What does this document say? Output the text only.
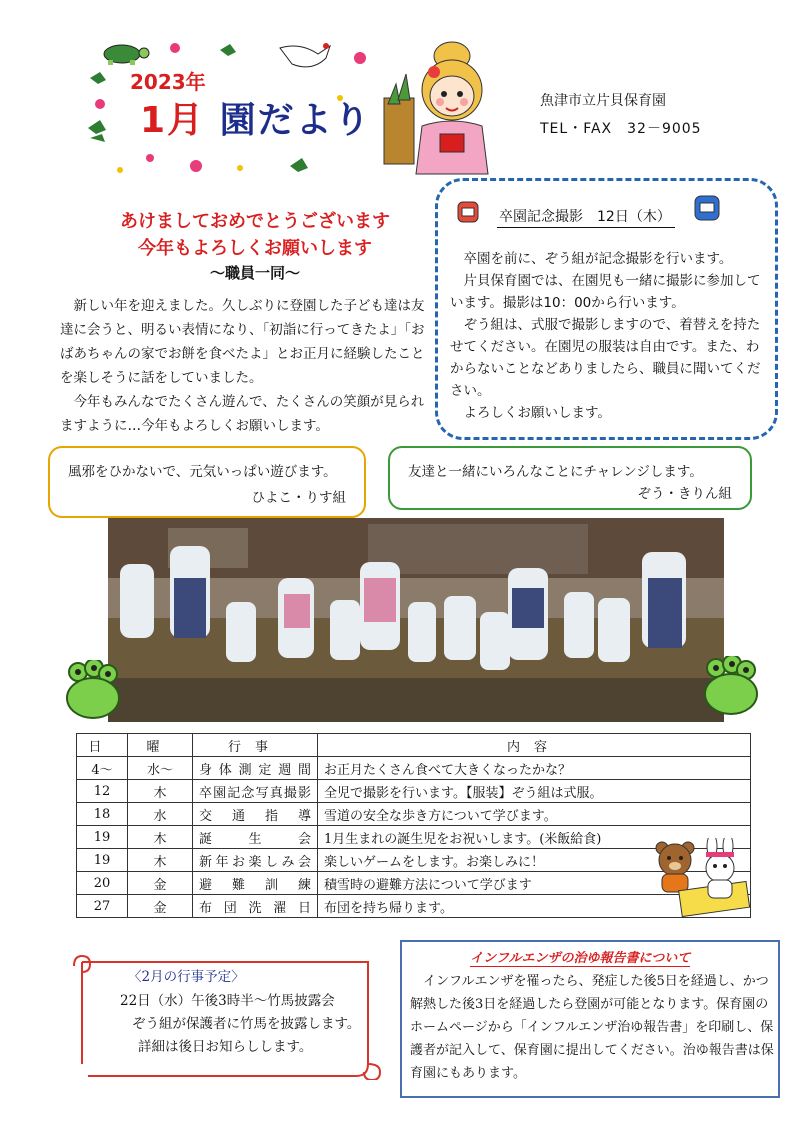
2023年
1月 園だより	魚津市立片貝保育園
TEL・FAX　32－9005
あけましておめでとうございます
今年もよろしくお願いします
～職員一同～

新しい年を迎えました。久しぶりに登園した子ども達は友達に会うと、明るい表情になり、「初詣に行ってきたよ」「おばあちゃんの家でお餅を食べたよ」とお正月に経験したことを楽しそうに話をしていました。

今年もみんなでたくさん遊んで、たくさんの笑顔が見られますように…今年もよろしくお願いします。

卒園記念撮影　12日（木）

卒園を前に、ぞう組が記念撮影を行います。

片貝保育園では、在園児も一緒に撮影に参加しています。撮影は10：00から行います。

ぞう組は、式服で撮影しますので、着替えを持たせてください。在園児の服装は自由です。また、わからないことなどありましたら、職員に聞いてください。

よろしくお願いします。

風邪をひかないで、元気いっぱい遊びます。
ひよこ・りす組
友達と一緒にいろんなことにチャレンジします。
ぞう・きりん組
日	曜	行事	内容
4～	水～	身体測定週間	お正月たくさん食べて大きくなったかな？
12	木	卒園記念写真撮影	全児で撮影を行います。【服装】ぞう組は式服。
18	水	交通指導	雪道の安全な歩き方について学びます。
19	木	誕生会	1月生まれの誕生児をお祝いします。(米飯給食)
19	木	新年お楽しみ会	楽しいゲームをします。お楽しみに！
20	金	避難訓練	積雪時の避難方法について学びます
27	金	布団洗濯日	布団を持ち帰ります。
〈2月の行事予定〉
22日（水）午後3時半～竹馬披露会
ぞう組が保護者に竹馬を披露します。
詳細は後日お知らしします。
インフルエンザの治ゆ報告書について

インフルエンザを罹ったら、発症した後5日を経過し、かつ解熱した後3日を経過したら登園が可能となります。保育園のホームページから「インフルエンザ治ゆ報告書」を印刷し、保護者が記入して、保育園に提出してください。治ゆ報告書は保育園にもあります。
